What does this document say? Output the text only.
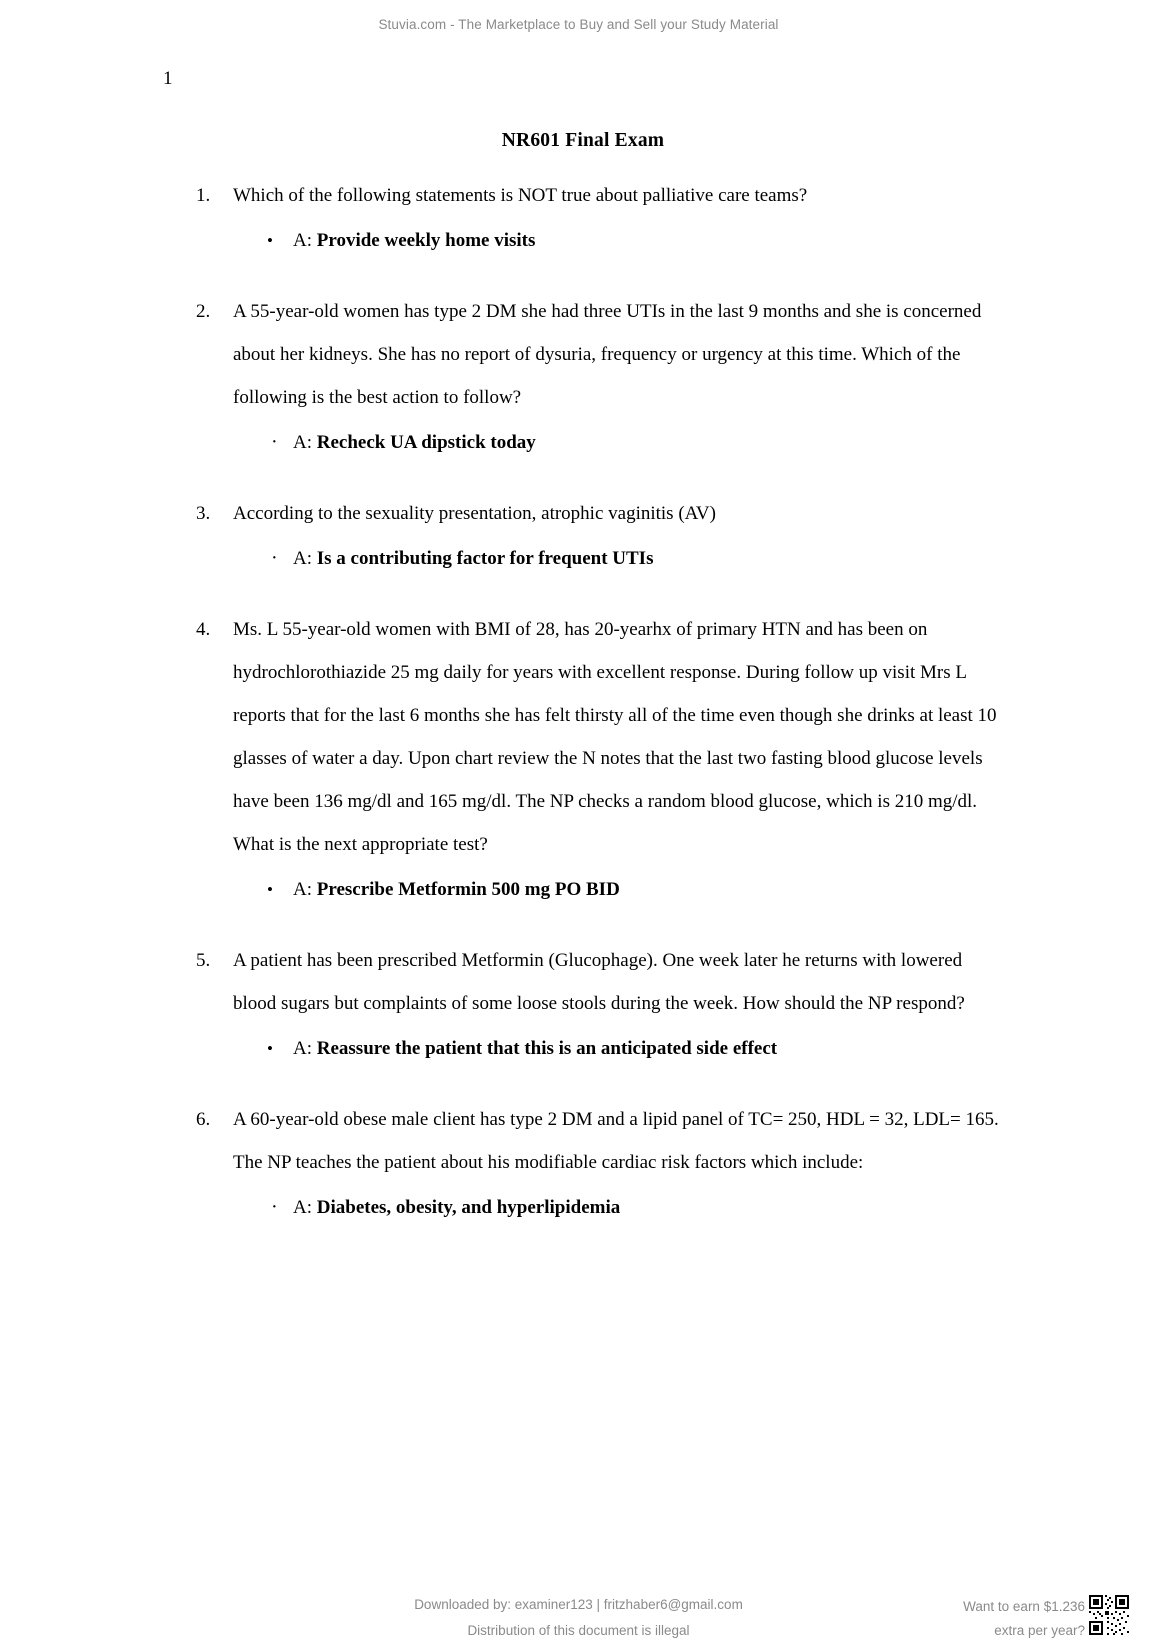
Stuvia.com - The Marketplace to Buy and Sell your Study Material
1
NR601 Final Exam
1. Which of the following statements is NOT true about palliative care teams?
•
A: Provide weekly home visits
2. A 55-year-old women has type 2 DM she had three UTIs in the last 9 months and she is concerned about her kidneys. She has no report of dysuria, frequency or urgency at this time. Which of the following is the best action to follow?
·
A: Recheck UA dipstick today
3. According to the sexuality presentation, atrophic vaginitis (AV)
·
A: Is a contributing factor for frequent UTIs
4. Ms. L 55-year-old women with BMI of 28, has 20-yearhx of primary HTN and has been on hydrochlorothiazide 25 mg daily for years with excellent response. During follow up visit Mrs L reports that for the last 6 months she has felt thirsty all of the time even though she drinks at least 10 glasses of water a day. Upon chart review the N notes that the last two fasting blood glucose levels have been 136 mg/dl and 165 mg/dl. The NP checks a random blood glucose, which is 210 mg/dl. What is the next appropriate test?
•
A: Prescribe Metformin 500 mg PO BID
5. A patient has been prescribed Metformin (Glucophage). One week later he returns with lowered blood sugars but complaints of some loose stools during the week. How should the NP respond?
•
A: Reassure the patient that this is an anticipated side effect
6. A 60-year-old obese male client has type 2 DM and a lipid panel of TC= 250, HDL = 32, LDL= 165. The NP teaches the patient about his modifiable cardiac risk factors which include:
·
A: Diabetes, obesity, and hyperlipidemia
Downloaded by: examiner123 | fritzhaber6@gmail.com
Distribution of this document is illegal
Want to earn $1.236
extra per year?
